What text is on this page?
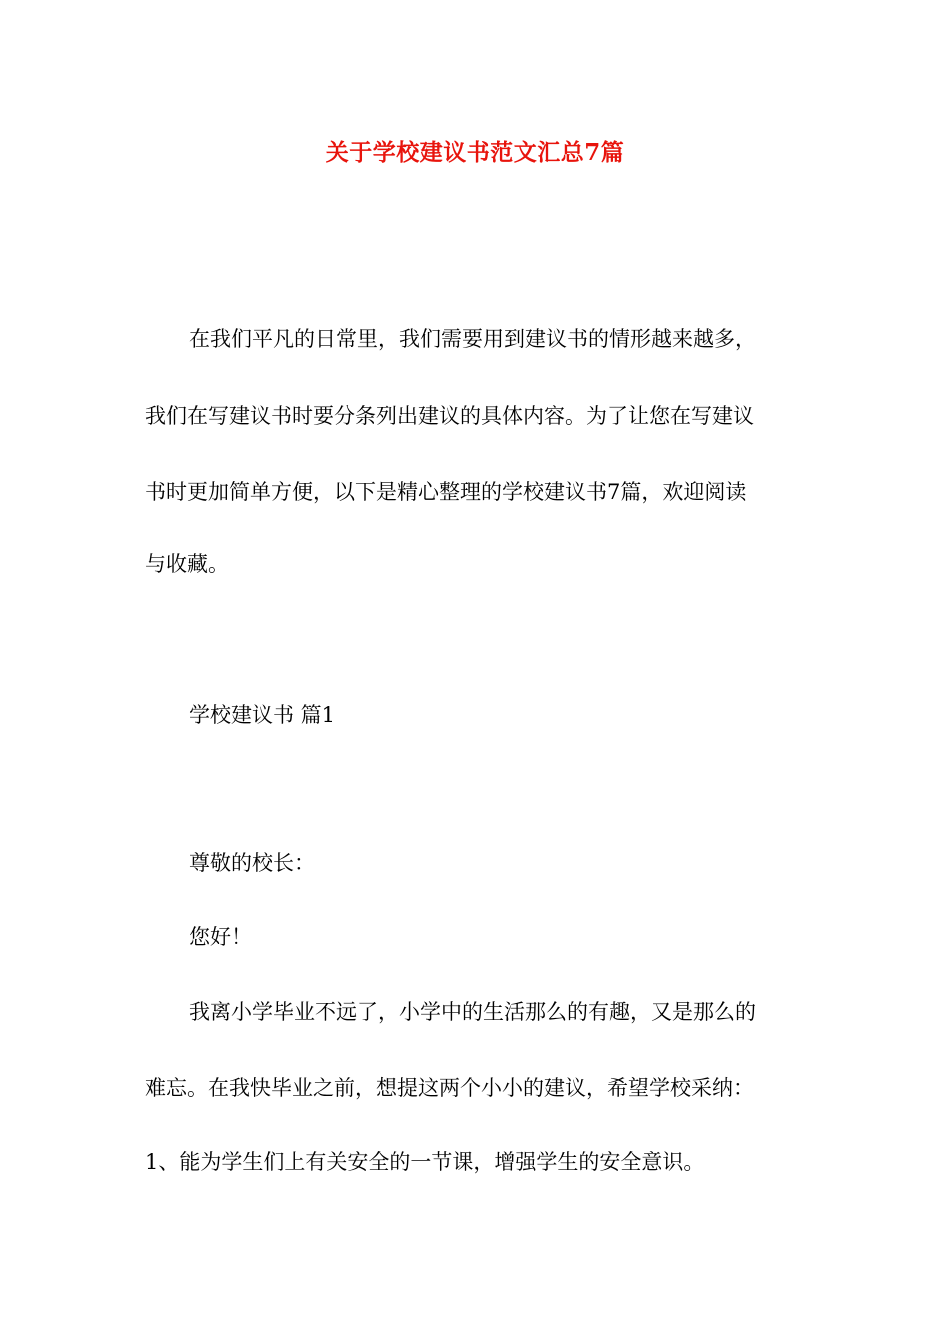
关于学校建议书范文汇总7篇
在我们平凡的日常里，我们需要用到建议书的情形越来越多，
我们在写建议书时要分条列出建议的具体内容。为了让您在写建议
书时更加简单方便，以下是精心整理的学校建议书7篇，欢迎阅读
与收藏。
学校建议书 篇1
尊敬的校长：
您好！
我离小学毕业不远了，小学中的生活那么的有趣，又是那么的
难忘。在我快毕业之前，想提这两个小小的建议，希望学校采纳：
1、能为学生们上有关安全的一节课，增强学生的安全意识。
